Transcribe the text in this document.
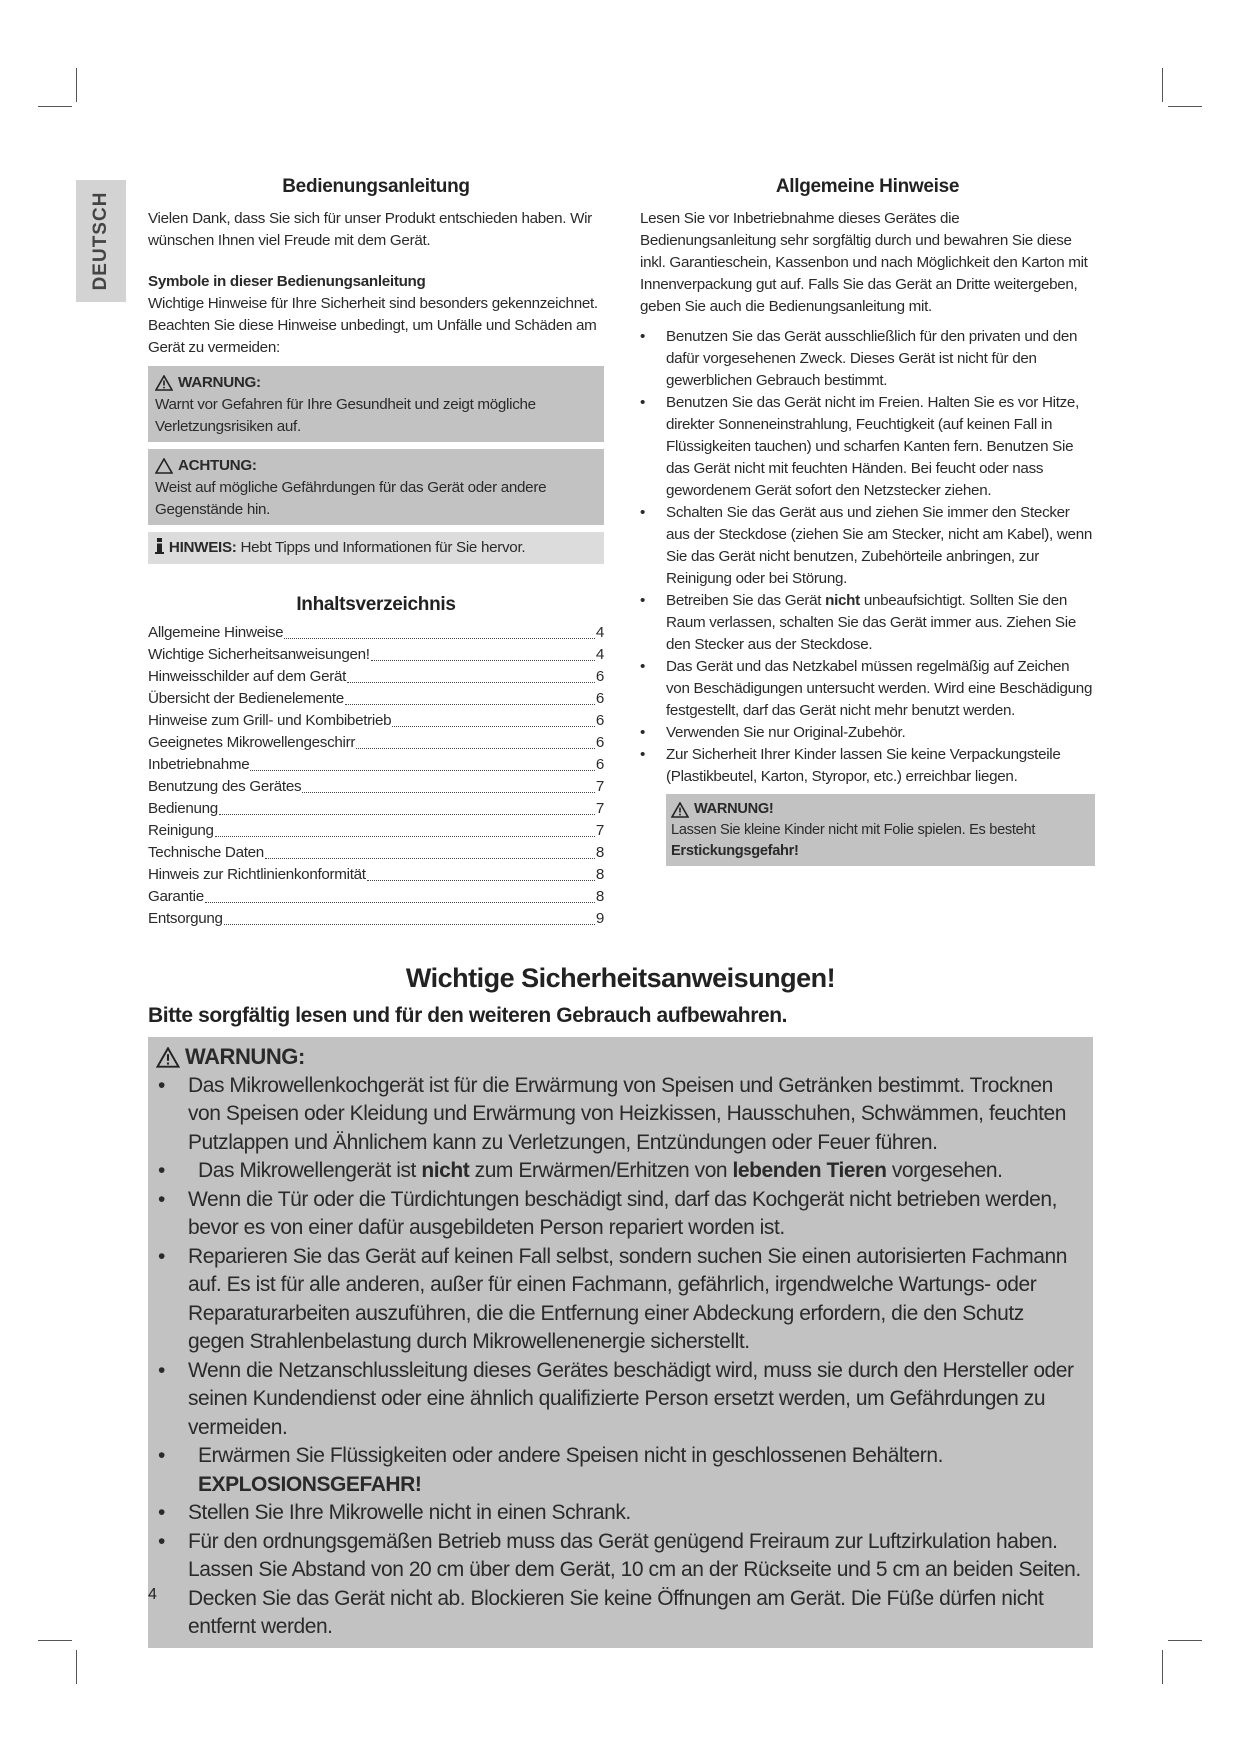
DEUTSCH
Bedienungsanleitung

Vielen Dank, dass Sie sich für unser Produkt entschieden haben. Wir wünschen Ihnen viel Freude mit dem Gerät.

Symbole in dieser Bedienungsanleitung

Wichtige Hinweise für Ihre Sicherheit sind besonders gekennzeichnet. Beachten Sie diese Hinweise unbedingt, um Unfälle und Schäden am Gerät zu vermeiden:

WARNUNG:

Warnt vor Gefahren für Ihre Gesundheit und zeigt mögliche Verletzungsrisiken auf.

ACHTUNG:

Weist auf mögliche Gefährdungen für das Gerät oder andere Gegenstände hin.

HINWEIS: Hebt Tipps und Informationen für Sie hervor.
Inhaltsverzeichnis
Allgemeine Hinweise	4
Wichtige Sicherheitsanweisungen!	4
Hinweisschilder auf dem Gerät	6
Übersicht der Bedienelemente	6
Hinweise zum Grill- und Kombibetrieb	6
Geeignetes Mikrowellengeschirr	6
Inbetriebnahme	6
Benutzung des Gerätes	7
Bedienung	7
Reinigung	7
Technische Daten	8
Hinweis zur Richtlinienkonformität	8
Garantie	8
Entsorgung	9
Allgemeine Hinweise

Lesen Sie vor Inbetriebnahme dieses Gerätes die Bedienungsanleitung sehr sorgfältig durch und bewahren Sie diese inkl. Garantieschein, Kassenbon und nach Möglichkeit den Karton mit Innenverpackung gut auf. Falls Sie das Gerät an Dritte weitergeben, geben Sie auch die Bedienungsanleitung mit.

• Benutzen Sie das Gerät ausschließlich für den privaten und den dafür vorgesehenen Zweck. Dieses Gerät ist nicht für den gewerblichen Gebrauch bestimmt.
• Benutzen Sie das Gerät nicht im Freien. Halten Sie es vor Hitze, direkter Sonneneinstrahlung, Feuchtigkeit (auf keinen Fall in Flüssigkeiten tauchen) und scharfen Kanten fern. Benutzen Sie das Gerät nicht mit feuchten Händen. Bei feucht oder nass gewordenem Gerät sofort den Netzstecker ziehen.
• Schalten Sie das Gerät aus und ziehen Sie immer den Stecker aus der Steckdose (ziehen Sie am Stecker, nicht am Kabel), wenn Sie das Gerät nicht benutzen, Zubehörteile anbringen, zur Reinigung oder bei Störung.
• Betreiben Sie das Gerät nicht unbeaufsichtigt. Sollten Sie den Raum verlassen, schalten Sie das Gerät immer aus. Ziehen Sie den Stecker aus der Steckdose.
• Das Gerät und das Netzkabel müssen regelmäßig auf Zeichen von Beschädigungen untersucht werden. Wird eine Beschädigung festgestellt, darf das Gerät nicht mehr benutzt werden.
• Verwenden Sie nur Original-Zubehör.
• Zur Sicherheit Ihrer Kinder lassen Sie keine Verpackungsteile (Plastikbeutel, Karton, Styropor, etc.) erreichbar liegen.
WARNUNG!

Lassen Sie kleine Kinder nicht mit Folie spielen. Es besteht

Erstickungsgefahr!

Wichtige Sicherheitsanweisungen!
Bitte sorgfältig lesen und für den weiteren Gebrauch aufbewahren.
WARNUNG:
• Das Mikrowellenkochgerät ist für die Erwärmung von Speisen und Getränken bestimmt. Trocknen von Speisen oder Kleidung und Erwärmung von Heizkissen, Hausschuhen, Schwämmen, feuchten Putzlappen und Ähnlichem kann zu Verletzungen, Entzündungen oder Feuer führen.
• Das Mikrowellengerät ist nicht zum Erwärmen/Erhitzen von lebenden Tieren vorgesehen.
• Wenn die Tür oder die Türdichtungen beschädigt sind, darf das Kochgerät nicht betrieben werden, bevor es von einer dafür ausgebildeten Person repariert worden ist.
• Reparieren Sie das Gerät auf keinen Fall selbst, sondern suchen Sie einen autorisierten Fachmann auf. Es ist für alle anderen, außer für einen Fachmann, gefährlich, irgendwelche Wartungs- oder Reparaturarbeiten auszuführen, die die Entfernung einer Abdeckung erfordern, die den Schutz gegen Strahlenbelastung durch Mikrowellenenergie sicherstellt.
• Wenn die Netzanschlussleitung dieses Gerätes beschädigt wird, muss sie durch den Hersteller oder seinen Kundendienst oder eine ähnlich qualifizierte Person ersetzt werden, um Gefährdungen zu vermeiden.
• Erwärmen Sie Flüssigkeiten oder andere Speisen nicht in geschlossenen Behältern. EXPLOSIONSGEFAHR!
• Stellen Sie Ihre Mikrowelle nicht in einen Schrank.
• Für den ordnungsgemäßen Betrieb muss das Gerät genügend Freiraum zur Luftzirkulation haben. Lassen Sie Abstand von 20 cm über dem Gerät, 10 cm an der Rückseite und 5 cm an beiden Seiten. Decken Sie das Gerät nicht ab. Blockieren Sie keine Öffnungen am Gerät. Die Füße dürfen nicht entfernt werden.
4
